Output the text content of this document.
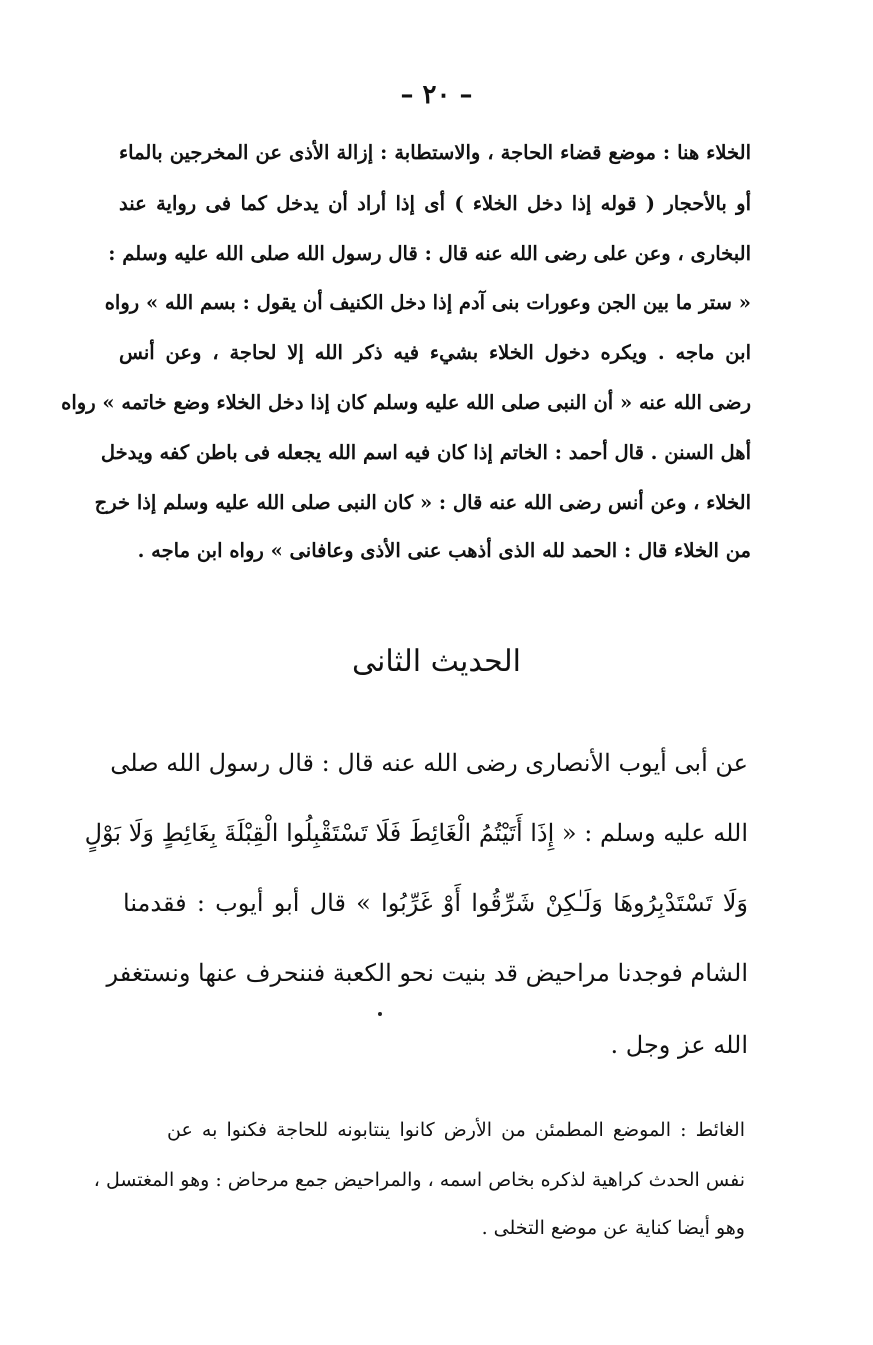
– ٢٠ –
الخلاء هنا : موضع قضاء الحاجة ، والاستطابة : إزالة الأذى عن المخرجين بالماء
أو بالأحجار ( قوله إذا دخل الخلاء ) أى إذا أراد أن يدخل كما فى رواية عند
البخارى ، وعن على رضى الله عنه قال : قال رسول الله صلى الله عليه وسلم :
« ستر ما بين الجن وعورات بنى آدم إذا دخل الكنيف أن يقول : بسم الله » رواه
ابن ماجه . ويكره دخول الخلاء بشيء فيه ذكر الله إلا لحاجة ، وعن أنس
رضى الله عنه « أن النبى صلى الله عليه وسلم كان إذا دخل الخلاء وضع خاتمه » رواه
أهل السنن . قال أحمد : الخاتم إذا كان فيه اسم الله يجعله فى باطن كفه ويدخل
الخلاء ، وعن أنس رضى الله عنه قال : « كان النبى صلى الله عليه وسلم إذا خرج
من الخلاء قال : الحمد لله الذى أذهب عنى الأذى وعافانى » رواه ابن ماجه .
الحديث الثانى
عن أبى أيوب الأنصارى رضى الله عنه قال : قال رسول الله صلى
الله عليه وسلم : « إِذَا أَتَيْتُمُ الْغَائِطَ فَلَا تَسْتَقْبِلُوا الْقِبْلَةَ بِغَائِطٍ وَلَا بَوْلٍ
وَلَا تَسْتَدْبِرُوهَا وَلَـٰكِنْ شَرِّقُوا أَوْ غَرِّبُوا » قال أبو أيوب : فقدمنا
الشام فوجدنا مراحيض قد بنيت نحو الكعبة فننحرف عنها ونستغفر
الله عز وجل .
الغائط : الموضع المطمئن من الأرض كانوا ينتابونه للحاجة فكنوا به عن
نفس الحدث كراهية لذكره بخاص اسمه ، والمراحيض جمع مرحاض : وهو المغتسل ،
وهو أيضا كناية عن موضع التخلى .
